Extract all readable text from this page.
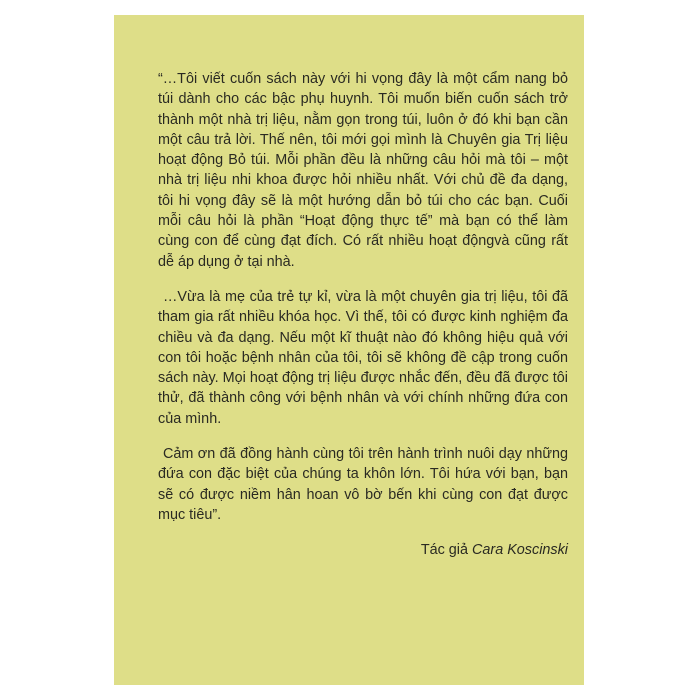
“…Tôi viết cuốn sách này với hi vọng đây là một cẩm nang bỏ túi dành cho các bậc phụ huynh. Tôi muốn biến cuốn sách trở thành một nhà trị liệu, nằm gọn trong túi, luôn ở đó khi bạn cần một câu trả lời. Thế nên, tôi mới gọi mình là Chuyên gia Trị liệu hoạt động Bỏ túi. Mỗi phần đều là những câu hỏi mà tôi – một nhà trị liệu nhi khoa được hỏi nhiều nhất. Với chủ đề đa dạng, tôi hi vọng đây sẽ là một hướng dẫn bỏ túi cho các bạn. Cuối mỗi câu hỏi là phần “Hoạt động thực tế” mà bạn có thể làm cùng con để cùng đạt đích. Có rất nhiều hoạt độngvà cũng rất dễ áp dụng ở tại nhà.

…Vừa là mẹ của trẻ tự kỉ, vừa là một chuyên gia trị liệu, tôi đã tham gia rất nhiều khóa học. Vì thế, tôi có được kinh nghiệm đa chiều và đa dạng. Nếu một kĩ thuật nào đó không hiệu quả với con tôi hoặc bệnh nhân của tôi, tôi sẽ không đề cập trong cuốn sách này. Mọi hoạt động trị liệu được nhắc đến, đều đã được tôi thử, đã thành công với bệnh nhân và với chính những đứa con của mình.

Cảm ơn đã đồng hành cùng tôi trên hành trình nuôi dạy những đứa con đặc biệt của chúng ta khôn lớn. Tôi hứa với bạn, bạn sẽ có được niềm hân hoan vô bờ bến khi cùng con đạt được mục tiêu”.

Tác giả Cara Koscinski
